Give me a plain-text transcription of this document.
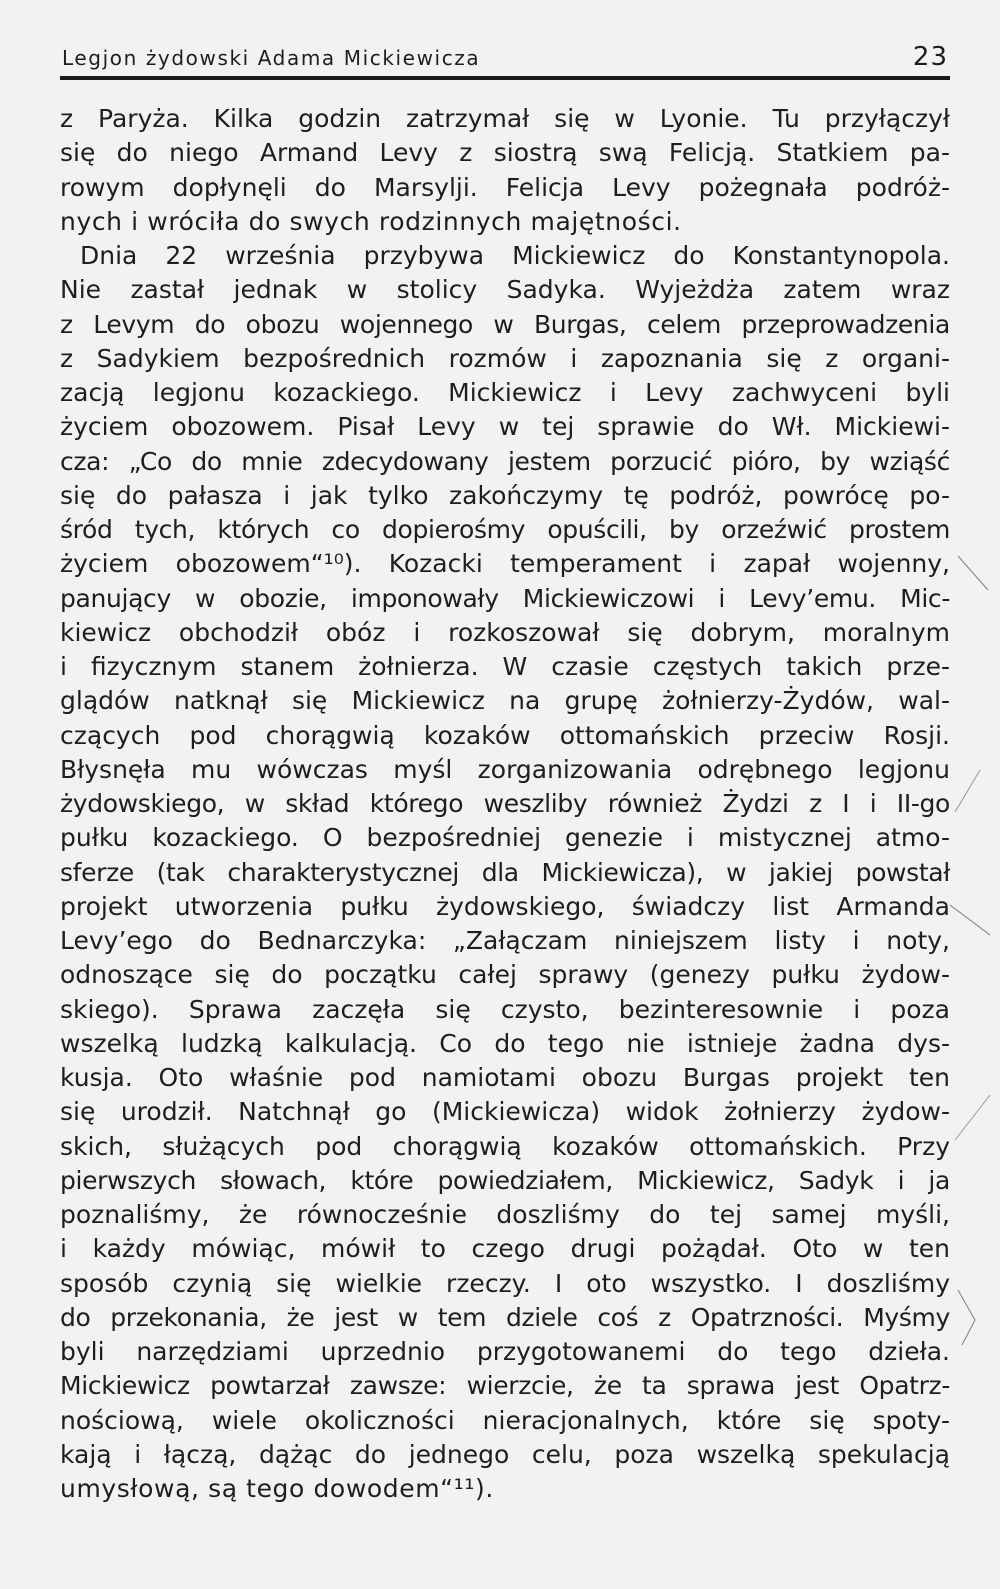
Legjon żydowski Adama Mickiewicza	23
z Paryża. Kilka godzin zatrzymał się w Lyonie. Tu przyłączył
się do niego Armand Levy z siostrą swą Felicją. Statkiem pa-
rowym dopłynęli do Marsylji. Felicja Levy pożegnała podróż-
nych i wróciła do swych rodzinnych majętności.
Dnia 22 września przybywa Mickiewicz do Konstantynopola.
Nie zastał jednak w stolicy Sadyka. Wyjeżdża zatem wraz
z Levym do obozu wojennego w Burgas, celem przeprowadzenia
z Sadykiem bezpośrednich rozmów i zapoznania się z organi-
zacją legjonu kozackiego. Mickiewicz i Levy zachwyceni byli
życiem obozowem. Pisał Levy w tej sprawie do Wł. Mickiewi-
cza: „Co do mnie zdecydowany jestem porzucić pióro, by wziąść
się do pałasza i jak tylko zakończymy tę podróż, powrócę po-
śród tych, których co dopierośmy opuścili, by orzeźwić prostem
życiem obozowem“¹⁰). Kozacki temperament i zapał wojenny,
panujący w obozie, imponowały Mickiewiczowi i Levy’emu. Mic-
kiewicz obchodził obóz i rozkoszował się dobrym, moralnym
i fizycznym stanem żołnierza. W czasie częstych takich prze-
glądów natknął się Mickiewicz na grupę żołnierzy-Żydów, wal-
czących pod chorągwią kozaków ottomańskich przeciw Rosji.
Błysnęła mu wówczas myśl zorganizowania odrębnego legjonu
żydowskiego, w skład którego weszliby również Żydzi z I i II-go
pułku kozackiego. O bezpośredniej genezie i mistycznej atmo-
sferze (tak charakterystycznej dla Mickiewicza), w jakiej powstał
projekt utworzenia pułku żydowskiego, świadczy list Armanda
Levy’ego do Bednarczyka: „Załączam niniejszem listy i noty,
odnoszące się do początku całej sprawy (genezy pułku żydow-
skiego). Sprawa zaczęła się czysto, bezinteresownie i poza
wszelką ludzką kalkulacją. Co do tego nie istnieje żadna dys-
kusja. Oto właśnie pod namiotami obozu Burgas projekt ten
się urodził. Natchnął go (Mickiewicza) widok żołnierzy żydow-
skich, służących pod chorągwią kozaków ottomańskich. Przy
pierwszych słowach, które powiedziałem, Mickiewicz, Sadyk i ja
poznaliśmy, że równocześnie doszliśmy do tej samej myśli,
i każdy mówiąc, mówił to czego drugi pożądał. Oto w ten
sposób czynią się wielkie rzeczy. I oto wszystko. I doszliśmy
do przekonania, że jest w tem dziele coś z Opatrzności. Myśmy
byli narzędziami uprzednio przygotowanemi do tego dzieła.
Mickiewicz powtarzał zawsze: wierzcie, że ta sprawa jest Opatrz-
nościową, wiele okoliczności nieracjonalnych, które się spoty-
kają i łączą, dążąc do jednego celu, poza wszelką spekulacją
umysłową, są tego dowodem“¹¹).
